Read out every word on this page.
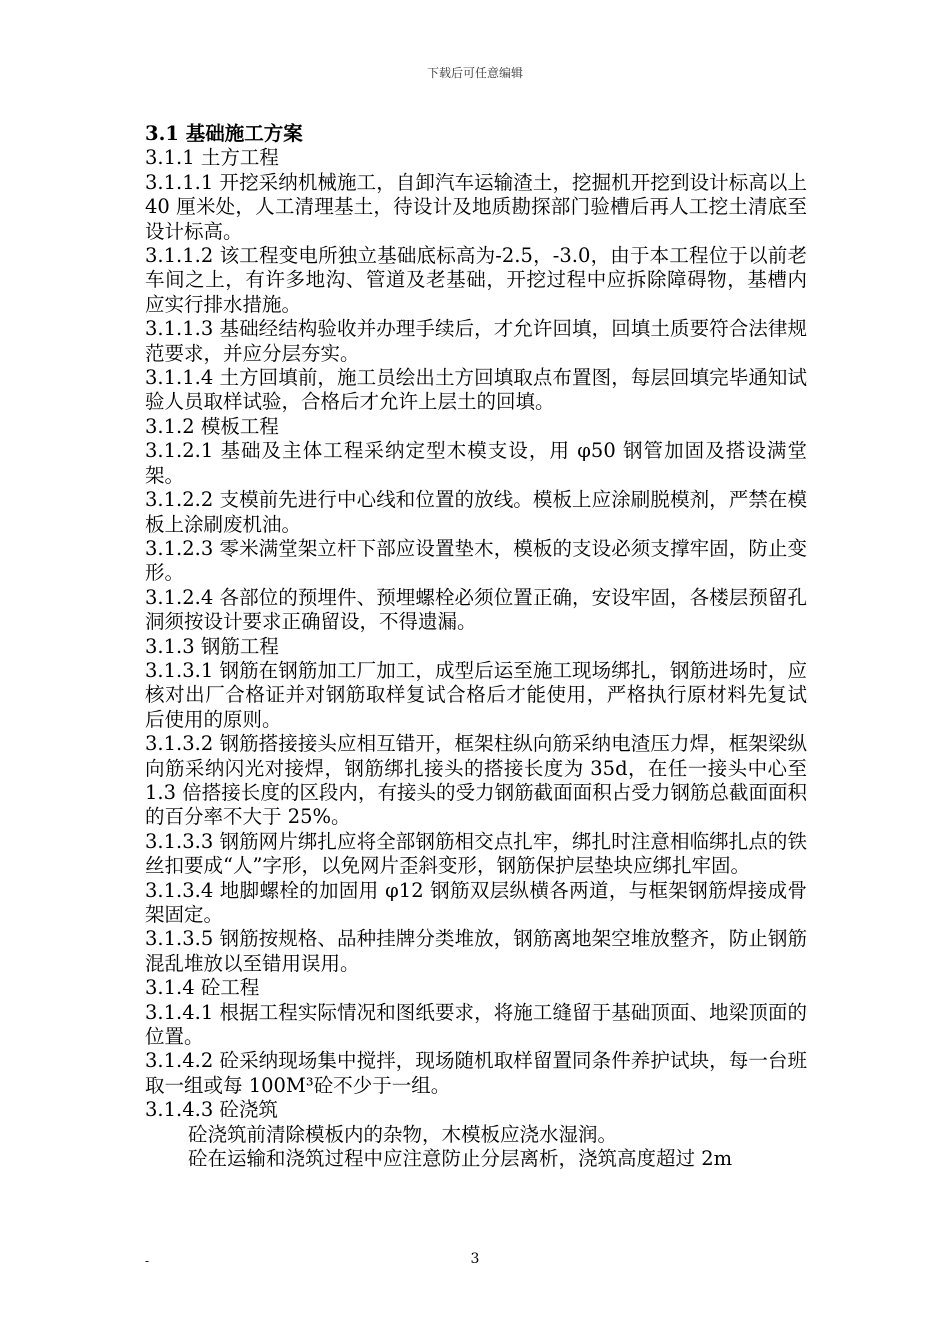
下载后可任意编辑

3.1 基础施工方案

3.1.1 土方工程

3.1.1.1 开挖采纳机械施工，自卸汽车运输渣土，挖掘机开挖到设计标高以上 40 厘米处，人工清理基土，待设计及地质勘探部门验槽后再人工挖土清底至设计标高。

3.1.1.2 该工程变电所独立基础底标高为-2.5，-3.0，由于本工程位于以前老车间之上，有许多地沟、管道及老基础，开挖过程中应拆除障碍物，基槽内应实行排水措施。

3.1.1.3 基础经结构验收并办理手续后，才允许回填，回填土质要符合法律规范要求，并应分层夯实。

3.1.1.4 土方回填前，施工员绘出土方回填取点布置图，每层回填完毕通知试验人员取样试验，合格后才允许上层土的回填。

3.1.2 模板工程

3.1.2.1 基础及主体工程采纳定型木模支设，用 φ50 钢管加固及搭设满堂架。

3.1.2.2 支模前先进行中心线和位置的放线。模板上应涂刷脱模剂，严禁在模板上涂刷废机油。

3.1.2.3 零米满堂架立杆下部应设置垫木，模板的支设必须支撑牢固，防止变形。

3.1.2.4 各部位的预埋件、预埋螺栓必须位置正确，安设牢固，各楼层预留孔洞须按设计要求正确留设，不得遗漏。

3.1.3 钢筋工程

3.1.3.1 钢筋在钢筋加工厂加工，成型后运至施工现场绑扎，钢筋进场时，应核对出厂合格证并对钢筋取样复试合格后才能使用，严格执行原材料先复试后使用的原则。

3.1.3.2 钢筋搭接接头应相互错开，框架柱纵向筋采纳电渣压力焊，框架梁纵向筋采纳闪光对接焊，钢筋绑扎接头的搭接长度为 35d，在任一接头中心至 1.3 倍搭接长度的区段内，有接头的受力钢筋截面面积占受力钢筋总截面面积的百分率不大于 25%。

3.1.3.3 钢筋网片绑扎应将全部钢筋相交点扎牢，绑扎时注意相临绑扎点的铁丝扣要成“人”字形，以免网片歪斜变形，钢筋保护层垫块应绑扎牢固。

3.1.3.4 地脚螺栓的加固用 φ12 钢筋双层纵横各两道，与框架钢筋焊接成骨架固定。

3.1.3.5 钢筋按规格、品种挂牌分类堆放，钢筋离地架空堆放整齐，防止钢筋混乱堆放以至错用误用。

3.1.4 砼工程

3.1.4.1 根据工程实际情况和图纸要求，将施工缝留于基础顶面、地梁顶面的位置。

3.1.4.2 砼采纳现场集中搅拌，现场随机取样留置同条件养护试块，每一台班取一组或每 100M³砼不少于一组。

3.1.4.3 砼浇筑

砼浇筑前清除模板内的杂物，木模板应浇水湿润。

砼在运输和浇筑过程中应注意防止分层离析，浇筑高度超过 2m

-	3
